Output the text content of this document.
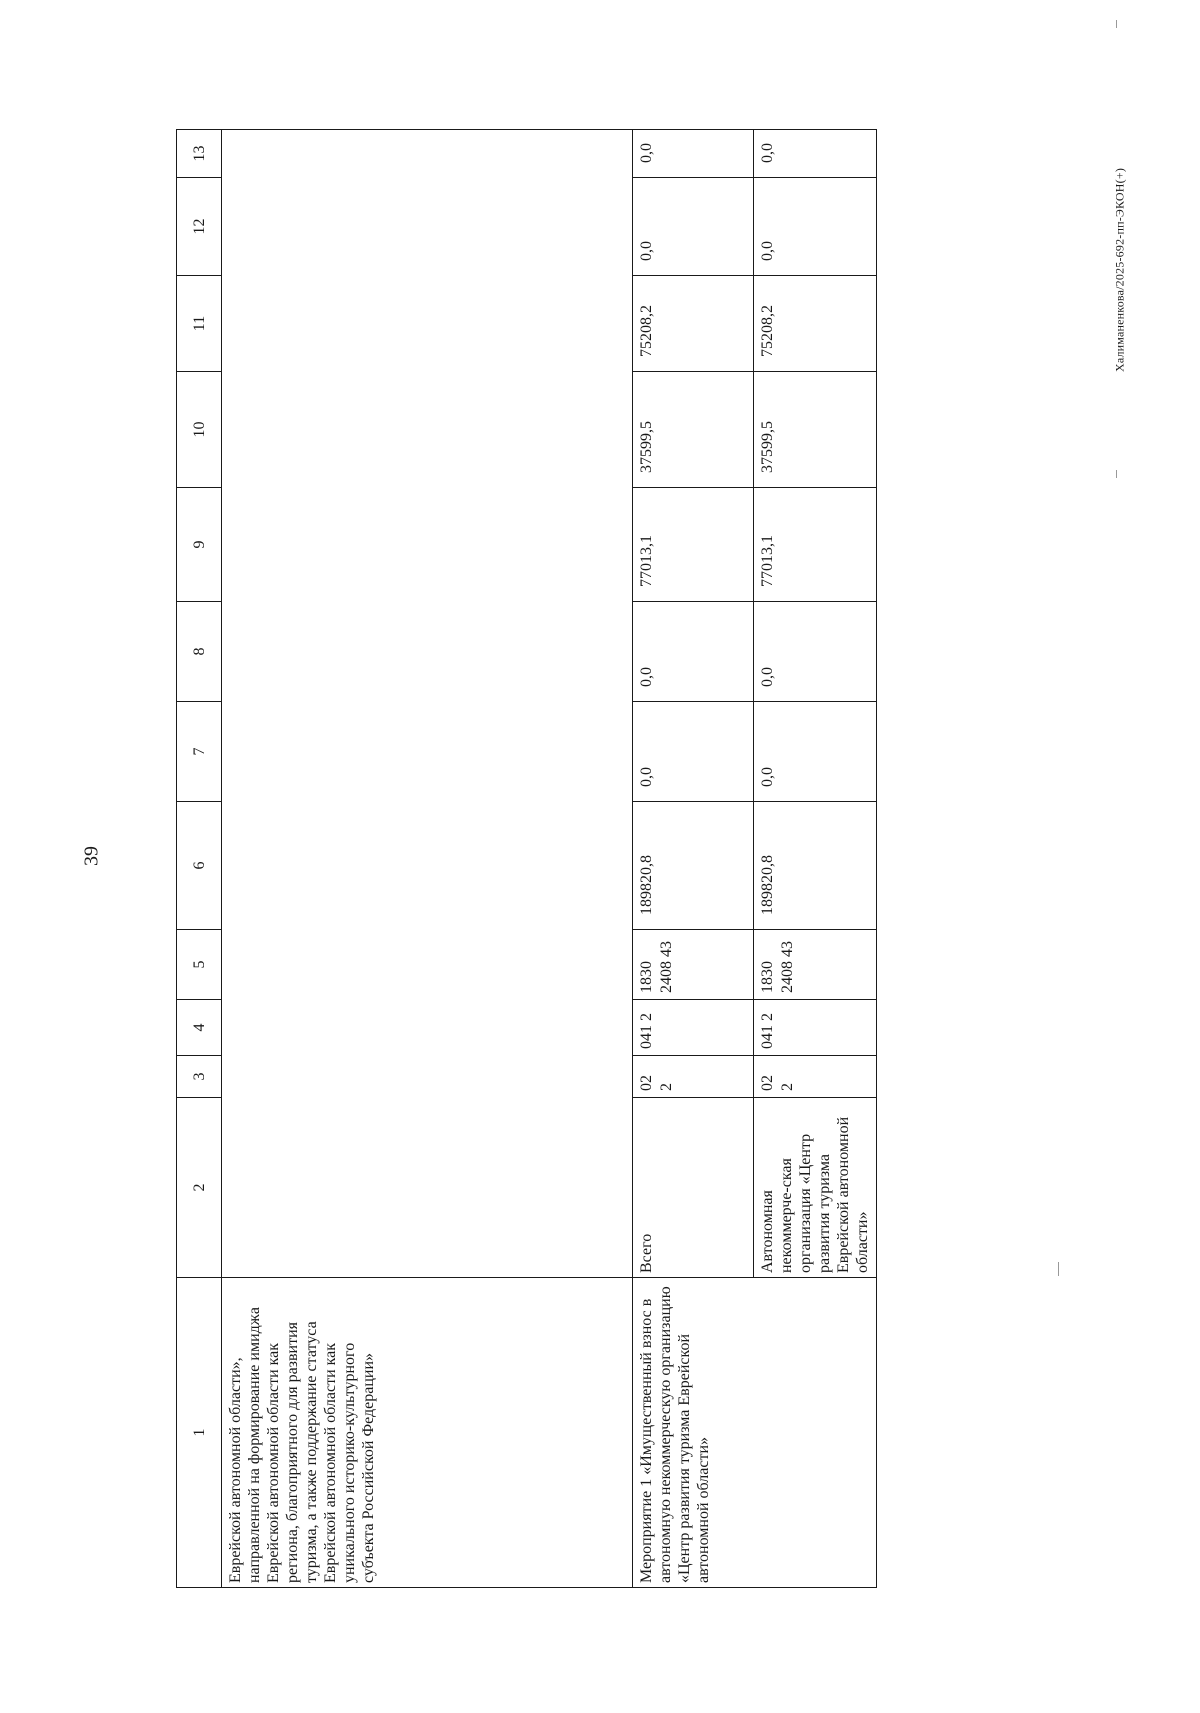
39
Халиманенкова/2025-692-пп-ЭКОН(+)
1	2	3	4	5	6	7	8	9	10	11	12	13
Еврейской автономной области», направленной на формирование имиджа Еврейской автономной области как региона, благоприятного для развития туризма, а также поддержание статуса Еврейской автономной области как уникального историко-культурного субъекта Российской Федерации»												
Мероприятие 1 «Имущественный взнос в автономную некоммерческую организацию «Центр развития туризма Еврейской автономной области»	Всего	02 2	041 2	1830 2408 43	189820,8	0,0	0,0	77013,1	37599,5	75208,2	0,0	0,0
	Автономная некоммерче-ская организация «Центр развития туризма Еврейской автономной области»	02 2	041 2	1830 2408 43	189820,8	0,0	0,0	77013,1	37599,5	75208,2	0,0	0,0
